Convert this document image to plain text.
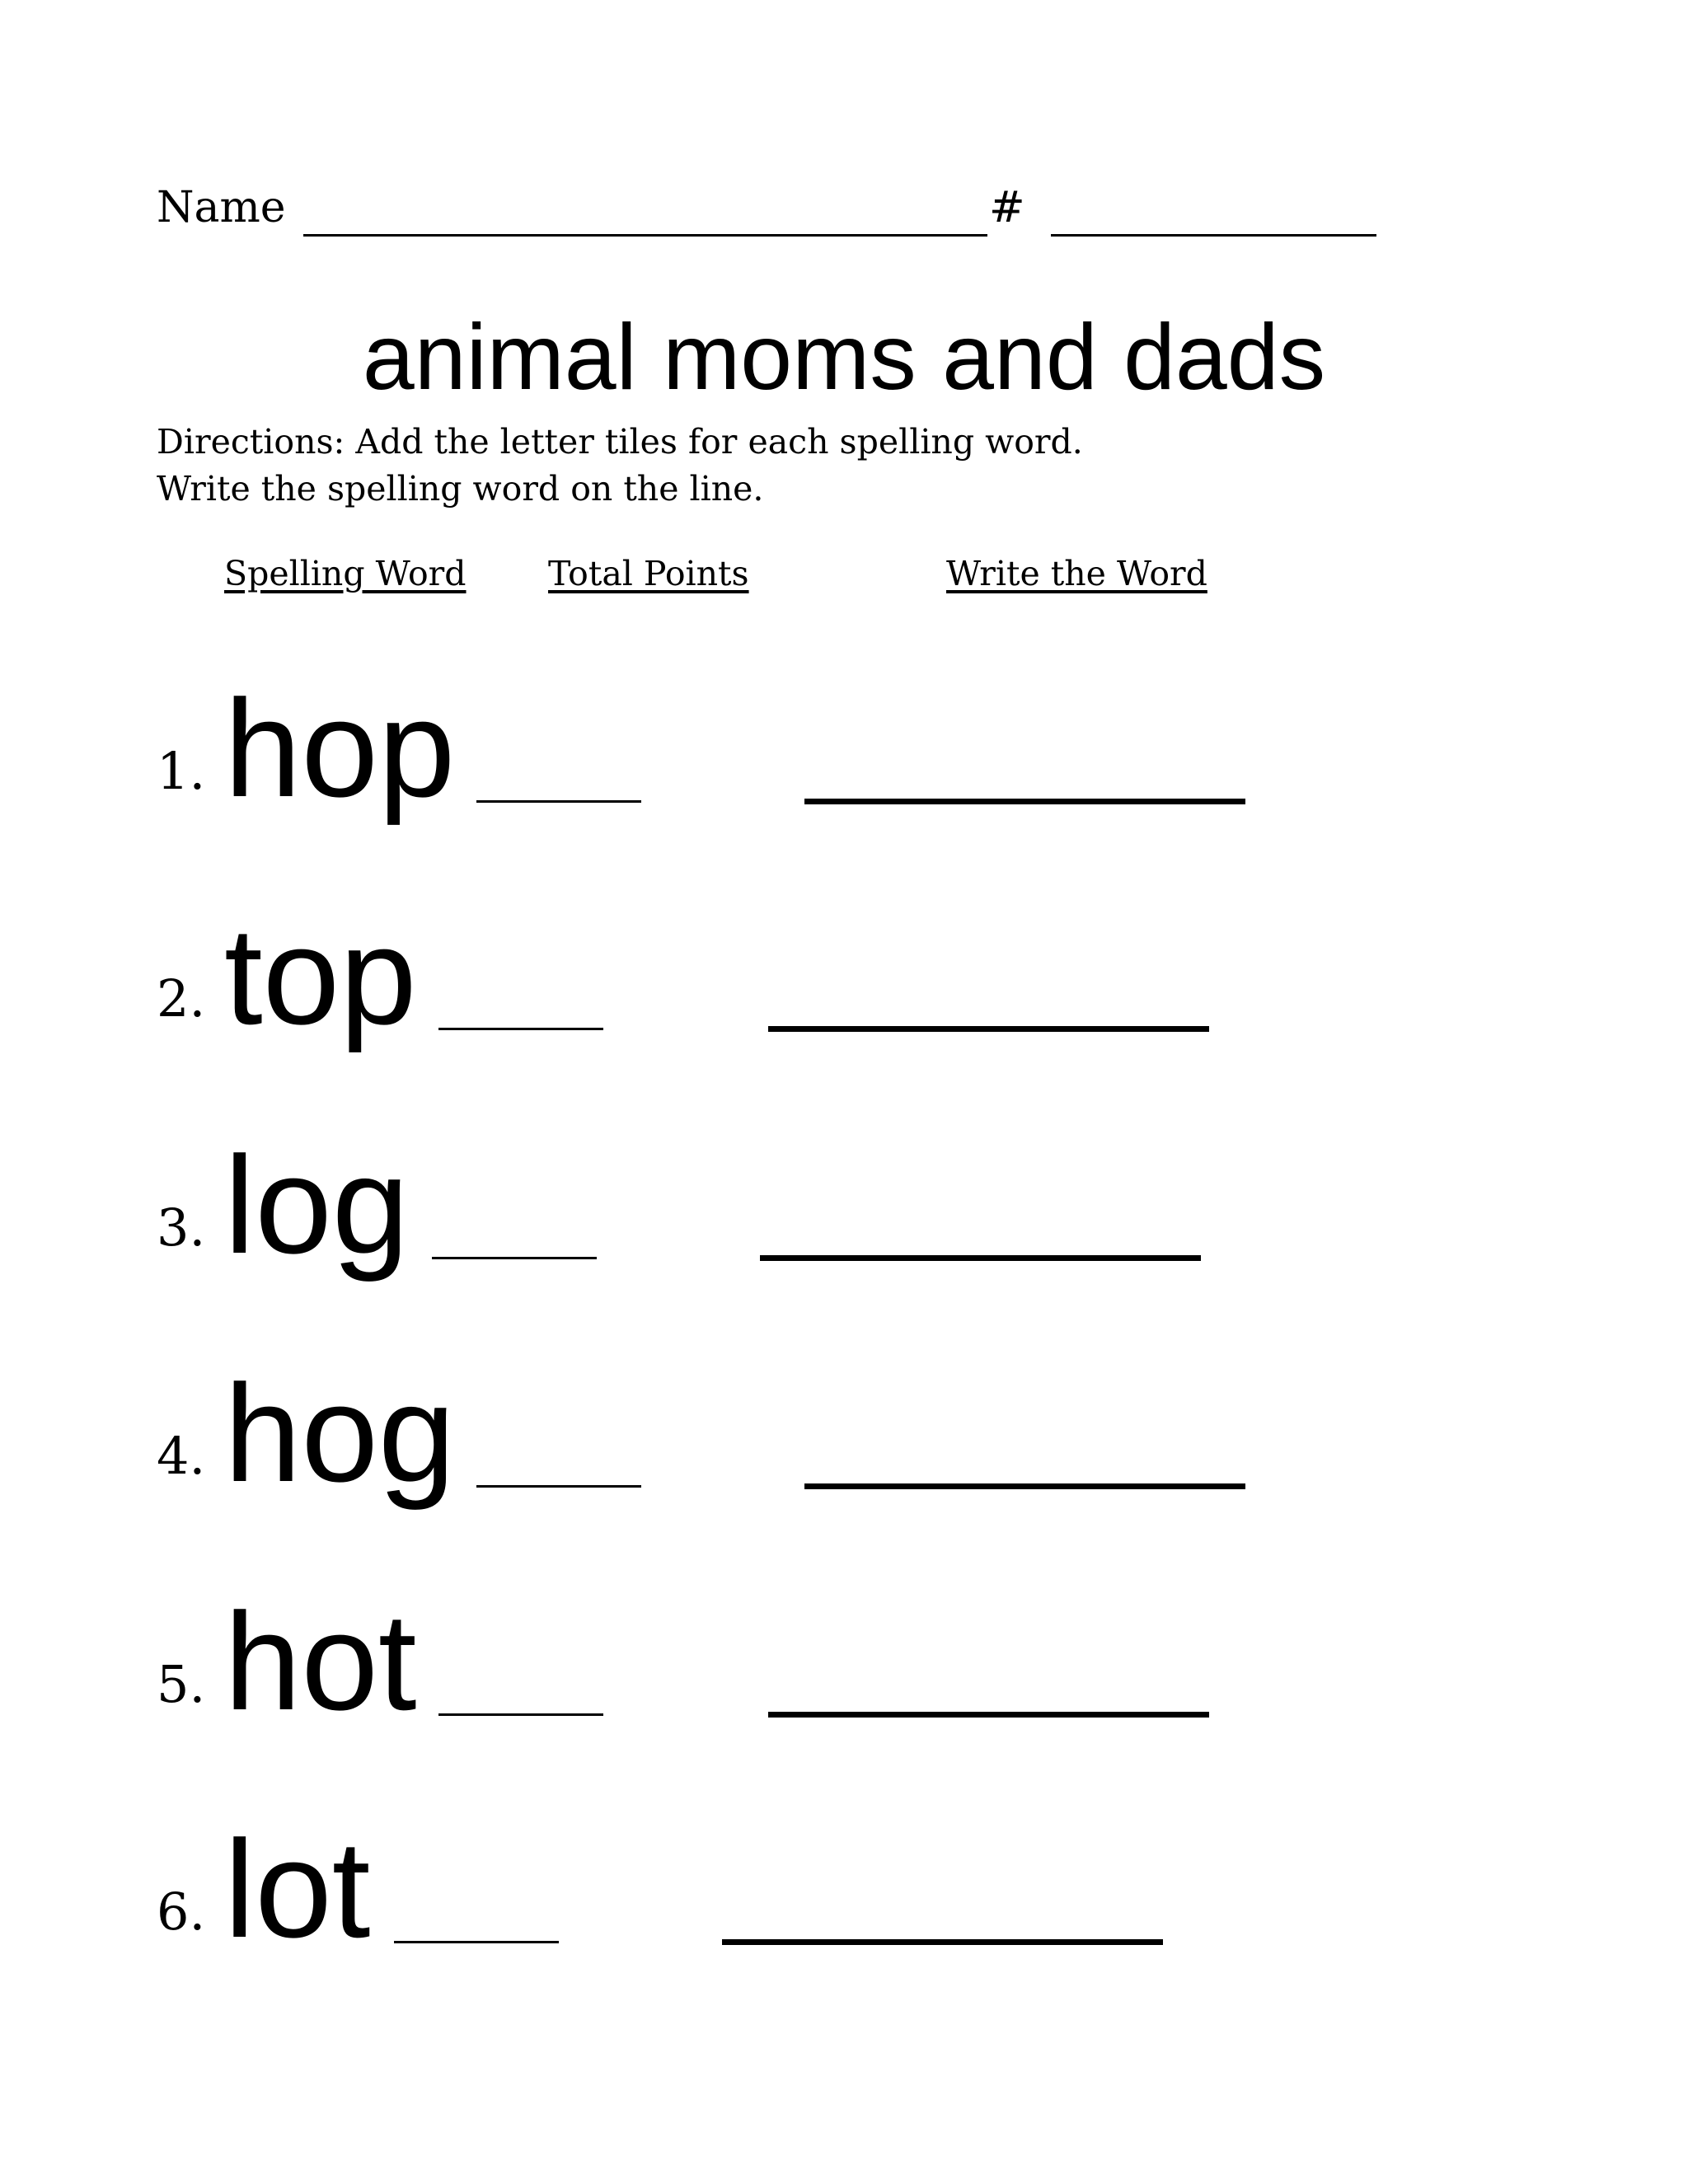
Name	#
animal moms and dads
Directions: Add the letter tiles for each spelling word.
Write the spelling word on the line.
Spelling Word Total Points	Write the Word
1. hop
2. top
3. log
4. hog
5. hot
6. lot
